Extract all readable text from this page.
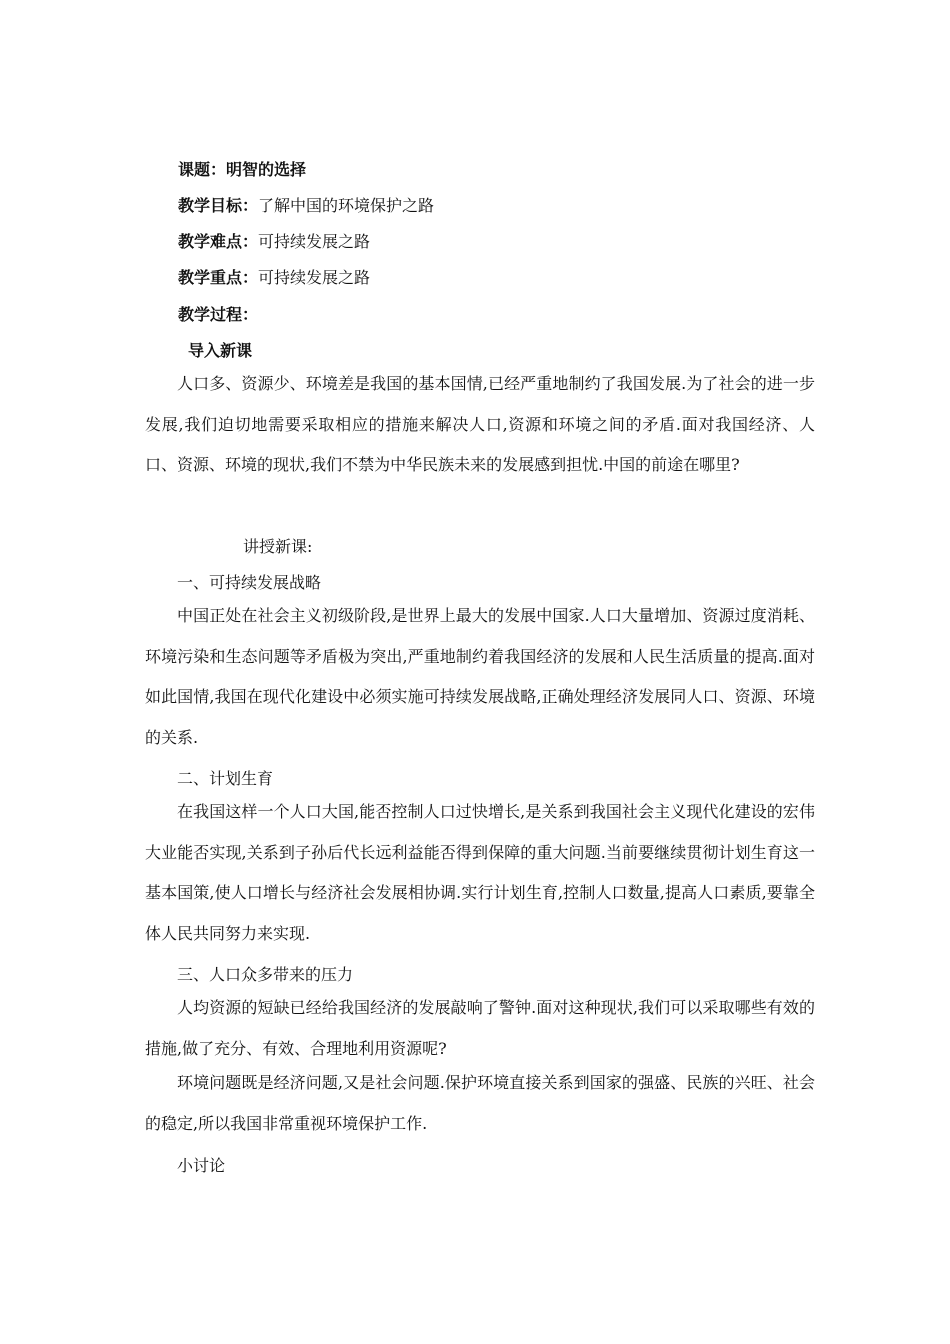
课题：明智的选择
教学目标：了解中国的环境保护之路
教学难点：可持续发展之路
教学重点：可持续发展之路
教学过程：
导入新课

人口多、资源少、环境差是我国的基本国情,已经严重地制约了我国发展.为了社会的进一步发展,我们迫切地需要采取相应的措施来解决人口,资源和环境之间的矛盾.面对我国经济、人口、资源、环境的现状,我们不禁为中华民族未来的发展感到担忧.中国的前途在哪里?

讲授新课:
一、可持续发展战略

中国正处在社会主义初级阶段,是世界上最大的发展中国家.人口大量增加、资源过度消耗、环境污染和生态问题等矛盾极为突出,严重地制约着我国经济的发展和人民生活质量的提高.面对如此国情,我国在现代化建设中必须实施可持续发展战略,正确处理经济发展同人口、资源、环境的关系.

二、计划生育

在我国这样一个人口大国,能否控制人口过快增长,是关系到我国社会主义现代化建设的宏伟大业能否实现,关系到子孙后代长远利益能否得到保障的重大问题.当前要继续贯彻计划生育这一基本国策,使人口增长与经济社会发展相协调.实行计划生育,控制人口数量,提高人口素质,要靠全体人民共同努力来实现.

三、人口众多带来的压力

人均资源的短缺已经给我国经济的发展敲响了警钟.面对这种现状,我们可以采取哪些有效的措施,做了充分、有效、合理地利用资源呢?

环境问题既是经济问题,又是社会问题.保护环境直接关系到国家的强盛、民族的兴旺、社会的稳定,所以我国非常重视环境保护工作.

小讨论
